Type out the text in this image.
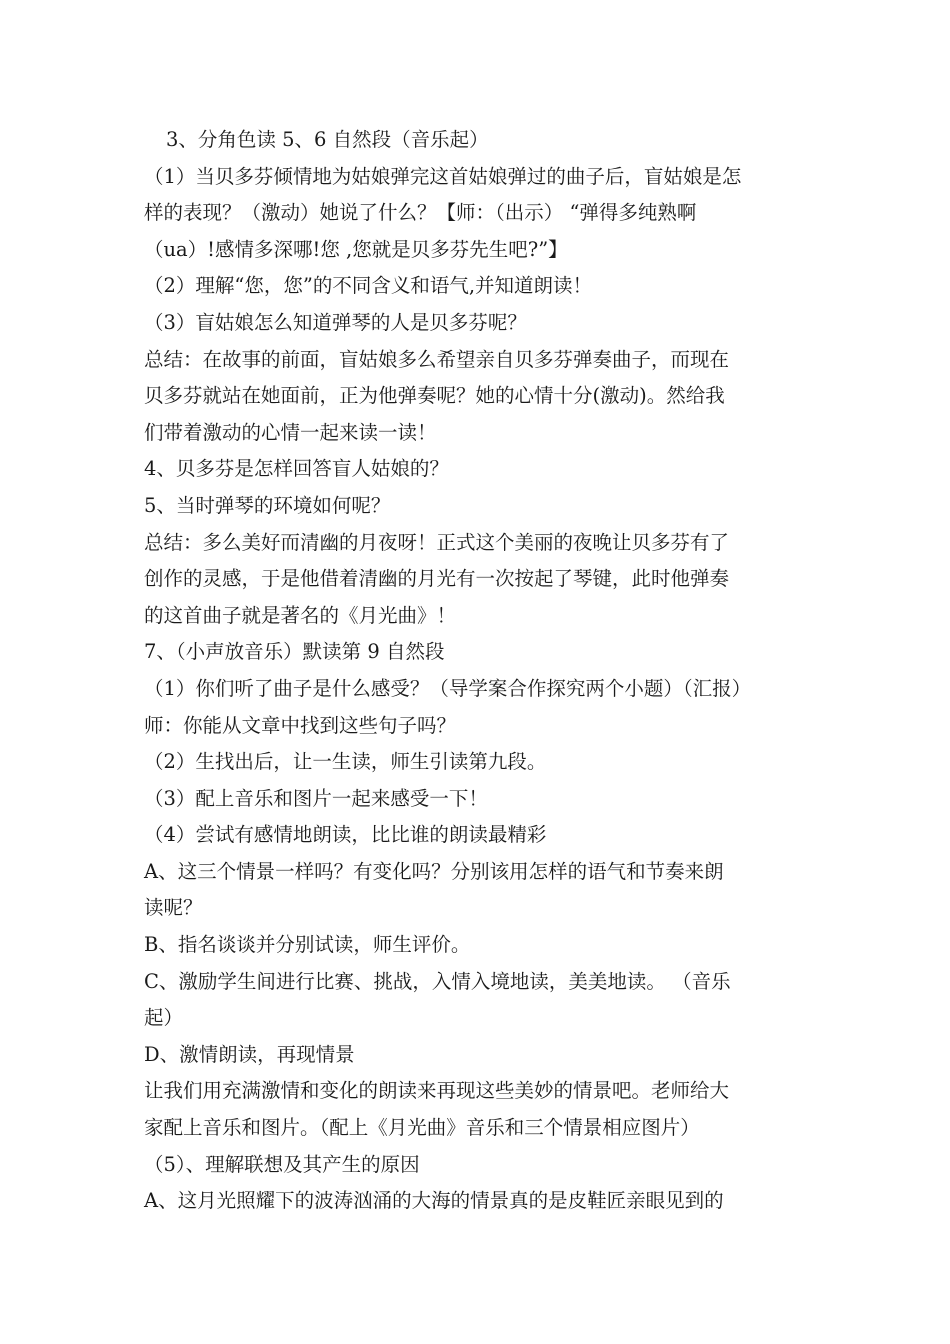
3、分角色读 5、6 自然段（音乐起）
（1）当贝多芬倾情地为姑娘弹完这首姑娘弹过的曲子后，盲姑娘是怎
样的表现？（激动）她说了什么？【师：（出示） “弹得多纯熟啊
（ua）!感情多深哪!您 ,您就是贝多芬先生吧?”】
（2）理解“您，您”的不同含义和语气,并知道朗读！
（3）盲姑娘怎么知道弹琴的人是贝多芬呢？
总结：在故事的前面，盲姑娘多么希望亲自贝多芬弹奏曲子，而现在
贝多芬就站在她面前，正为他弹奏呢？她的心情十分(激动)。然给我
们带着激动的心情一起来读一读！
4、贝多芬是怎样回答盲人姑娘的？
5、当时弹琴的环境如何呢？
总结：多么美好而清幽的月夜呀！正式这个美丽的夜晚让贝多芬有了
创作的灵感，于是他借着清幽的月光有一次按起了琴键，此时他弹奏
的这首曲子就是著名的《月光曲》！
7、（小声放音乐）默读第 9 自然段
（1）你们听了曲子是什么感受？（导学案合作探究两个小题）（汇报）
师：你能从文章中找到这些句子吗？
（2）生找出后，让一生读，师生引读第九段。
（3）配上音乐和图片一起来感受一下！
（4）尝试有感情地朗读，比比谁的朗读最精彩
A、这三个情景一样吗？有变化吗？分别该用怎样的语气和节奏来朗
读呢？
B、指名谈谈并分别试读，师生评价。
C、激励学生间进行比赛、挑战，入情入境地读，美美地读。 （音乐
起）
D、激情朗读，再现情景
让我们用充满激情和变化的朗读来再现这些美妙的情景吧。老师给大
家配上音乐和图片。（配上《月光曲》音乐和三个情景相应图片）
（5）、理解联想及其产生的原因
A、这月光照耀下的波涛汹涌的大海的情景真的是皮鞋匠亲眼见到的
